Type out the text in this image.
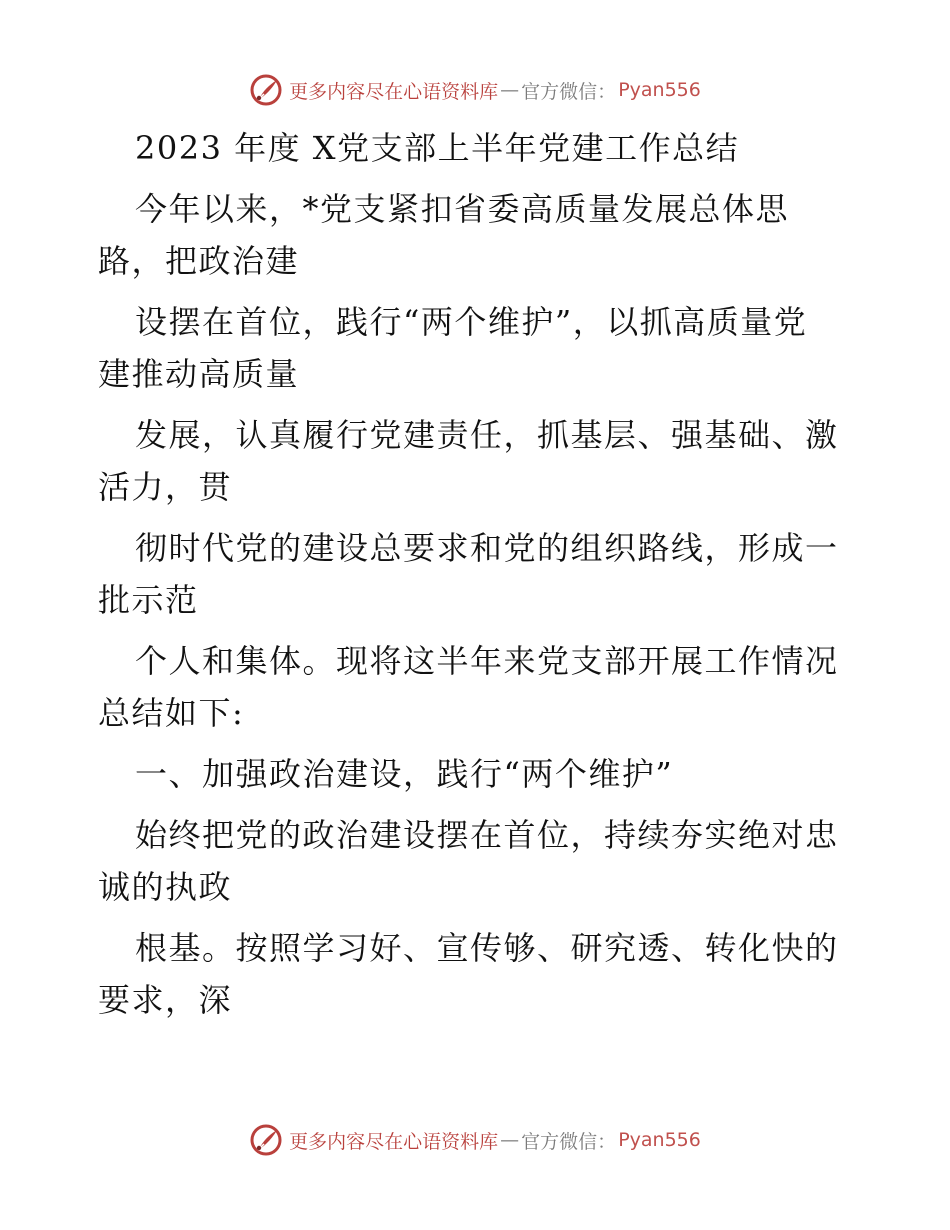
更多内容尽在心语资料库 — 官方微信： Pyan556

2023 年度 X党支部上半年党建工作总结

今年以来，*党支紧扣省委高质量发展总体思

路，把政治建

设摆在首位，践行“两个维护”，以抓高质量党

建推动高质量

发展，认真履行党建责任，抓基层、强基础、激

活力，贯

彻时代党的建设总要求和党的组织路线，形成一

批示范

个人和集体。现将这半年来党支部开展工作情况

总结如下:

一、加强政治建设，践行“两个维护”

始终把党的政治建设摆在首位，持续夯实绝对忠

诚的执政

根基。按照学习好、宣传够、研究透、转化快的

要求，深

更多内容尽在心语资料库 — 官方微信： Pyan556
